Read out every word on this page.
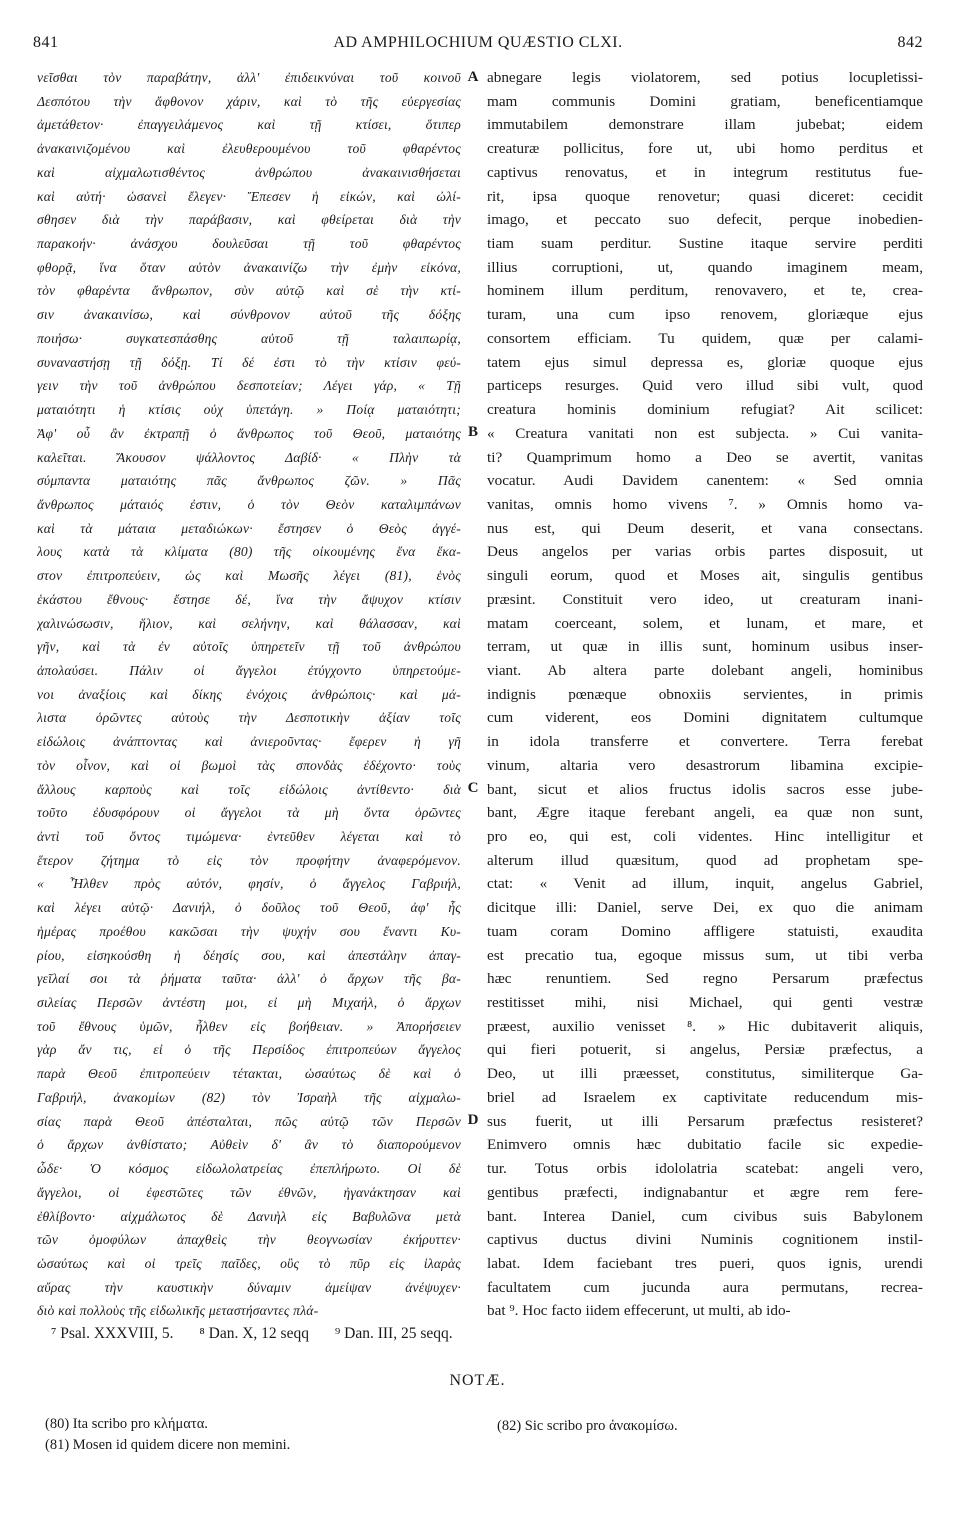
841	AD AMPHILOCHIUM QUÆSTIO CLXI.	842
νεῖσθαι τὸν παραβάτην, ἀλλ' ἐπιδεικνύναι τοῦ κοινοῦ
Δεσπότου τὴν ἄφθονον χάριν, καὶ τὸ τῆς εὐεργεσίας
ἀμετάθετον· ἐπαγγειλάμενος καὶ τῇ κτίσει, ὅτιπερ
ἀνακαινιζομένου καὶ ἐλευθερουμένου τοῦ φθαρέντος
καὶ αἰχμαλωτισθέντος ἀνθρώπου ἀνακαινισθήσεται
καὶ αὐτή· ὡσανεὶ ἔλεγεν· Ἔπεσεν ἡ εἰκών, καὶ ὠλί-
σθησεν διὰ τὴν παράβασιν, καὶ φθείρεται διὰ τὴν
παρακοήν· ἀνάσχου δουλεῦσαι τῇ τοῦ φθαρέντος
φθορᾷ, ἵνα ὅταν αὐτὸν ἀνακαινίζω τὴν ἐμὴν εἰκόνα,
τὸν φθαρέντα ἄνθρωπον, σὺν αὐτῷ καὶ σὲ τὴν κτί-
σιν ἀνακαινίσω, καὶ σύνθρονον αὐτοῦ τῆς δόξης
ποιήσω· συγκατεσπάσθης αὐτοῦ τῇ ταλαιπωρίᾳ,
συναναστήσῃ τῇ δόξῃ. Τί δέ ἐστι τὸ τὴν κτίσιν φεύ-
γειν τὴν τοῦ ἀνθρώπου δεσποτείαν; Λέγει γάρ, « Τῇ
ματαιότητι ἡ κτίσις οὐχ ὑπετάγη. » Ποίᾳ ματαιότητι;
Ἀφ' οὗ ἂν ἐκτραπῇ ὁ ἄνθρωπος τοῦ Θεοῦ, ματαιότης
καλεῖται. Ἄκουσον ψάλλοντος Δαβίδ· « Πλὴν τὰ
σύμπαντα ματαιότης πᾶς ἄνθρωπος ζῶν. » Πᾶς
ἄνθρωπος μάταιός ἐστιν, ὁ τὸν Θεὸν καταλιμπάνων
καὶ τὰ μάταια μεταδιώκων· ἔστησεν ὁ Θεὸς ἀγγέ-
λους κατὰ τὰ κλίματα (80) τῆς οἰκουμένης ἕνα ἕκα-
στον ἐπιτροπεύειν, ὡς καὶ Μωσῆς λέγει (81), ἑνὸς
ἑκάστου ἔθνους· ἔστησε δέ, ἵνα τὴν ἄψυχον κτίσιν
χαλινώσωσιν, ἥλιον, καὶ σελήνην, καὶ θάλασσαν, καὶ
γῆν, καὶ τὰ ἐν αὐτοῖς ὑπηρετεῖν τῇ τοῦ ἀνθρώπου
ἀπολαύσει. Πάλιν οἱ ἄγγελοι ἐτύγχοντο ὑπηρετούμε-
νοι ἀναξίοις καὶ δίκης ἐνόχοις ἀνθρώποις· καὶ μά-
λιστα ὁρῶντες αὐτοὺς τὴν Δεσποτικὴν ἀξίαν τοῖς
εἰδώλοις ἀνάπτοντας καὶ ἀνιεροῦντας· ἔφερεν ἡ γῆ
τὸν οἶνον, καὶ οἱ βωμοὶ τὰς σπονδὰς ἐδέχοντο· τοὺς
ἄλλους καρποὺς καὶ τοῖς εἰδώλοις ἀντίθεντο· διὰ
τοῦτο ἐδυσφόρουν οἱ ἄγγελοι τὰ μὴ ὄντα ὁρῶντες
ἀντὶ τοῦ ὄντος τιμώμενα· ἐντεῦθεν λέγεται καὶ τὸ
ἕτερον ζήτημα τὸ εἰς τὸν προφήτην ἀναφερόμενον.
« Ἦλθεν πρὸς αὐτόν, φησίν, ὁ ἄγγελος Γαβριήλ,
καὶ λέγει αὐτῷ· Δανιήλ, ὁ δοῦλος τοῦ Θεοῦ, ἀφ' ἧς
ἡμέρας προέθου κακῶσαι τὴν ψυχήν σου ἔναντι Κυ-
ρίου, εἰσηκούσθη ἡ δέησίς σου, καὶ ἀπεστάλην ἀπαγ-
γεῖλαί σοι τὰ ῥήματα ταῦτα· ἀλλ' ὁ ἄρχων τῆς βα-
σιλείας Περσῶν ἀντέστη μοι, εἰ μὴ Μιχαήλ, ὁ ἄρχων
τοῦ ἔθνους ὑμῶν, ἦλθεν εἰς βοήθειαν. » Ἀπορήσειεν
γὰρ ἄν τις, εἰ ὁ τῆς Περσίδος ἐπιτροπεύων ἄγγελος
παρὰ Θεοῦ ἐπιτροπεύειν τέτακται, ὡσαύτως δὲ καὶ ὁ
Γαβριήλ, ἀνακομίων (82) τὸν Ἰσραὴλ τῆς αἰχμαλω-
σίας παρὰ Θεοῦ ἀπέσταλται, πῶς αὐτῷ τῶν Περσῶν
ὁ ἄρχων ἀνθίστατο; Αὐθεὶν δ' ἂν τὸ διαπορούμενον
ὧδε· Ὁ κόσμος εἰδωλολατρείας ἐπεπλήρωτο. Οἱ δὲ
ἄγγελοι, οἱ ἐφεστῶτες τῶν ἐθνῶν, ἠγανάκτησαν καὶ
ἐθλίβοντο· αἰχμάλωτος δὲ Δανιὴλ εἰς Βαβυλῶνα μετὰ
τῶν ὁμοφύλων ἀπαχθεὶς τὴν θεογνωσίαν ἐκήρυττεν·
ὡσαύτως καὶ οἱ τρεῖς παῖδες, οὓς τὸ πῦρ εἰς ἱλαρὰς
αὔρας τὴν καυστικὴν δύναμιν ἀμείψαν ἀνέψυχεν·
διὸ καὶ πολλοὺς τῆς εἰδωλικῆς μεταστήσαντες πλά-
abnegare legis violatorem, sed potius locupletissi-
mam communis Domini gratiam, beneficentiamque
immutabilem demonstrare illam jubebat; eidem
creaturæ pollicitus, fore ut, ubi homo perditus et
captivus renovatus, et in integrum restitutus fue-
rit, ipsa quoque renovetur; quasi diceret: cecidit
imago, et peccato suo defecit, perque inobedien-
tiam suam perditur. Sustine itaque servire perditi
illius corruptioni, ut, quando imaginem meam,
hominem illum perditum, renovavero, et te, crea-
turam, una cum ipso renovem, gloriæque ejus
consortem efficiam. Tu quidem, quæ per calami-
tatem ejus simul depressa es, gloriæ quoque ejus
particeps resurges. Quid vero illud sibi vult, quod
creatura hominis dominium refugiat? Ait scilicet:
« Creatura vanitati non est subjecta. » Cui vanita-
ti? Quamprimum homo a Deo se avertit, vanitas
vocatur. Audi Davidem canentem: « Sed omnia
vanitas, omnis homo vivens ⁷. » Omnis homo va-
nus est, qui Deum deserit, et vana consectans.
Deus angelos per varias orbis partes disposuit, ut
singuli eorum, quod et Moses ait, singulis gentibus
præsint. Constituit vero ideo, ut creaturam inani-
matam coerceant, solem, et lunam, et mare, et
terram, ut quæ in illis sunt, hominum usibus inser-
viant. Ab altera parte dolebant angeli, hominibus
indignis pœnæque obnoxiis servientes, in primis
cum viderent, eos Domini dignitatem cultumque
in idola transferre et convertere. Terra ferebat
vinum, altaria vero desastrorum libamina excipie-
bant, sicut et alios fructus idolis sacros esse jube-
bant, Ægre itaque ferebant angeli, ea quæ non sunt,
pro eo, qui est, coli videntes. Hinc intelligitur et
alterum illud quæsitum, quod ad prophetam spe-
ctat: « Venit ad illum, inquit, angelus Gabriel,
dicitque illi: Daniel, serve Dei, ex quo die animam
tuam coram Domino affligere statuisti, exaudita
est precatio tua, egoque missus sum, ut tibi verba
hæc renuntiem. Sed regno Persarum præfectus
restitisset mihi, nisi Michael, qui genti vestræ
præest, auxilio venisset ⁸. » Hic dubitaverit aliquis,
qui fieri potuerit, si angelus, Persiæ præfectus, a
Deo, ut illi præesset, constitutus, similiterque Ga-
briel ad Israelem ex captivitate reducendum mis-
sus fuerit, ut illi Persarum præfectus resisteret?
Enimvero omnis hæc dubitatio facile sic expedie-
tur. Totus orbis idololatria scatebat: angeli vero,
gentibus præfecti, indignabantur et ægre rem fere-
bant. Interea Daniel, cum civibus suis Babylonem
captivus ductus divini Numinis cognitionem instil-
labat. Idem faciebant tres pueri, quos ignis, urendi
facultatem cum jucunda aura permutans, recrea-
bat ⁹. Hoc facto iidem effecerunt, ut multi, ab ido-
A
B
C
D
⁷ Psal. XXXVIII, 5. ⁸ Dan. X, 12 seqq ⁹ Dan. III, 25 seqq.
NOTÆ.
(80) Ita scribo pro κλήματα.
(81) Mosen id quidem dicere non memini.
(82) Sic scribo pro ἀνακομίσω.
